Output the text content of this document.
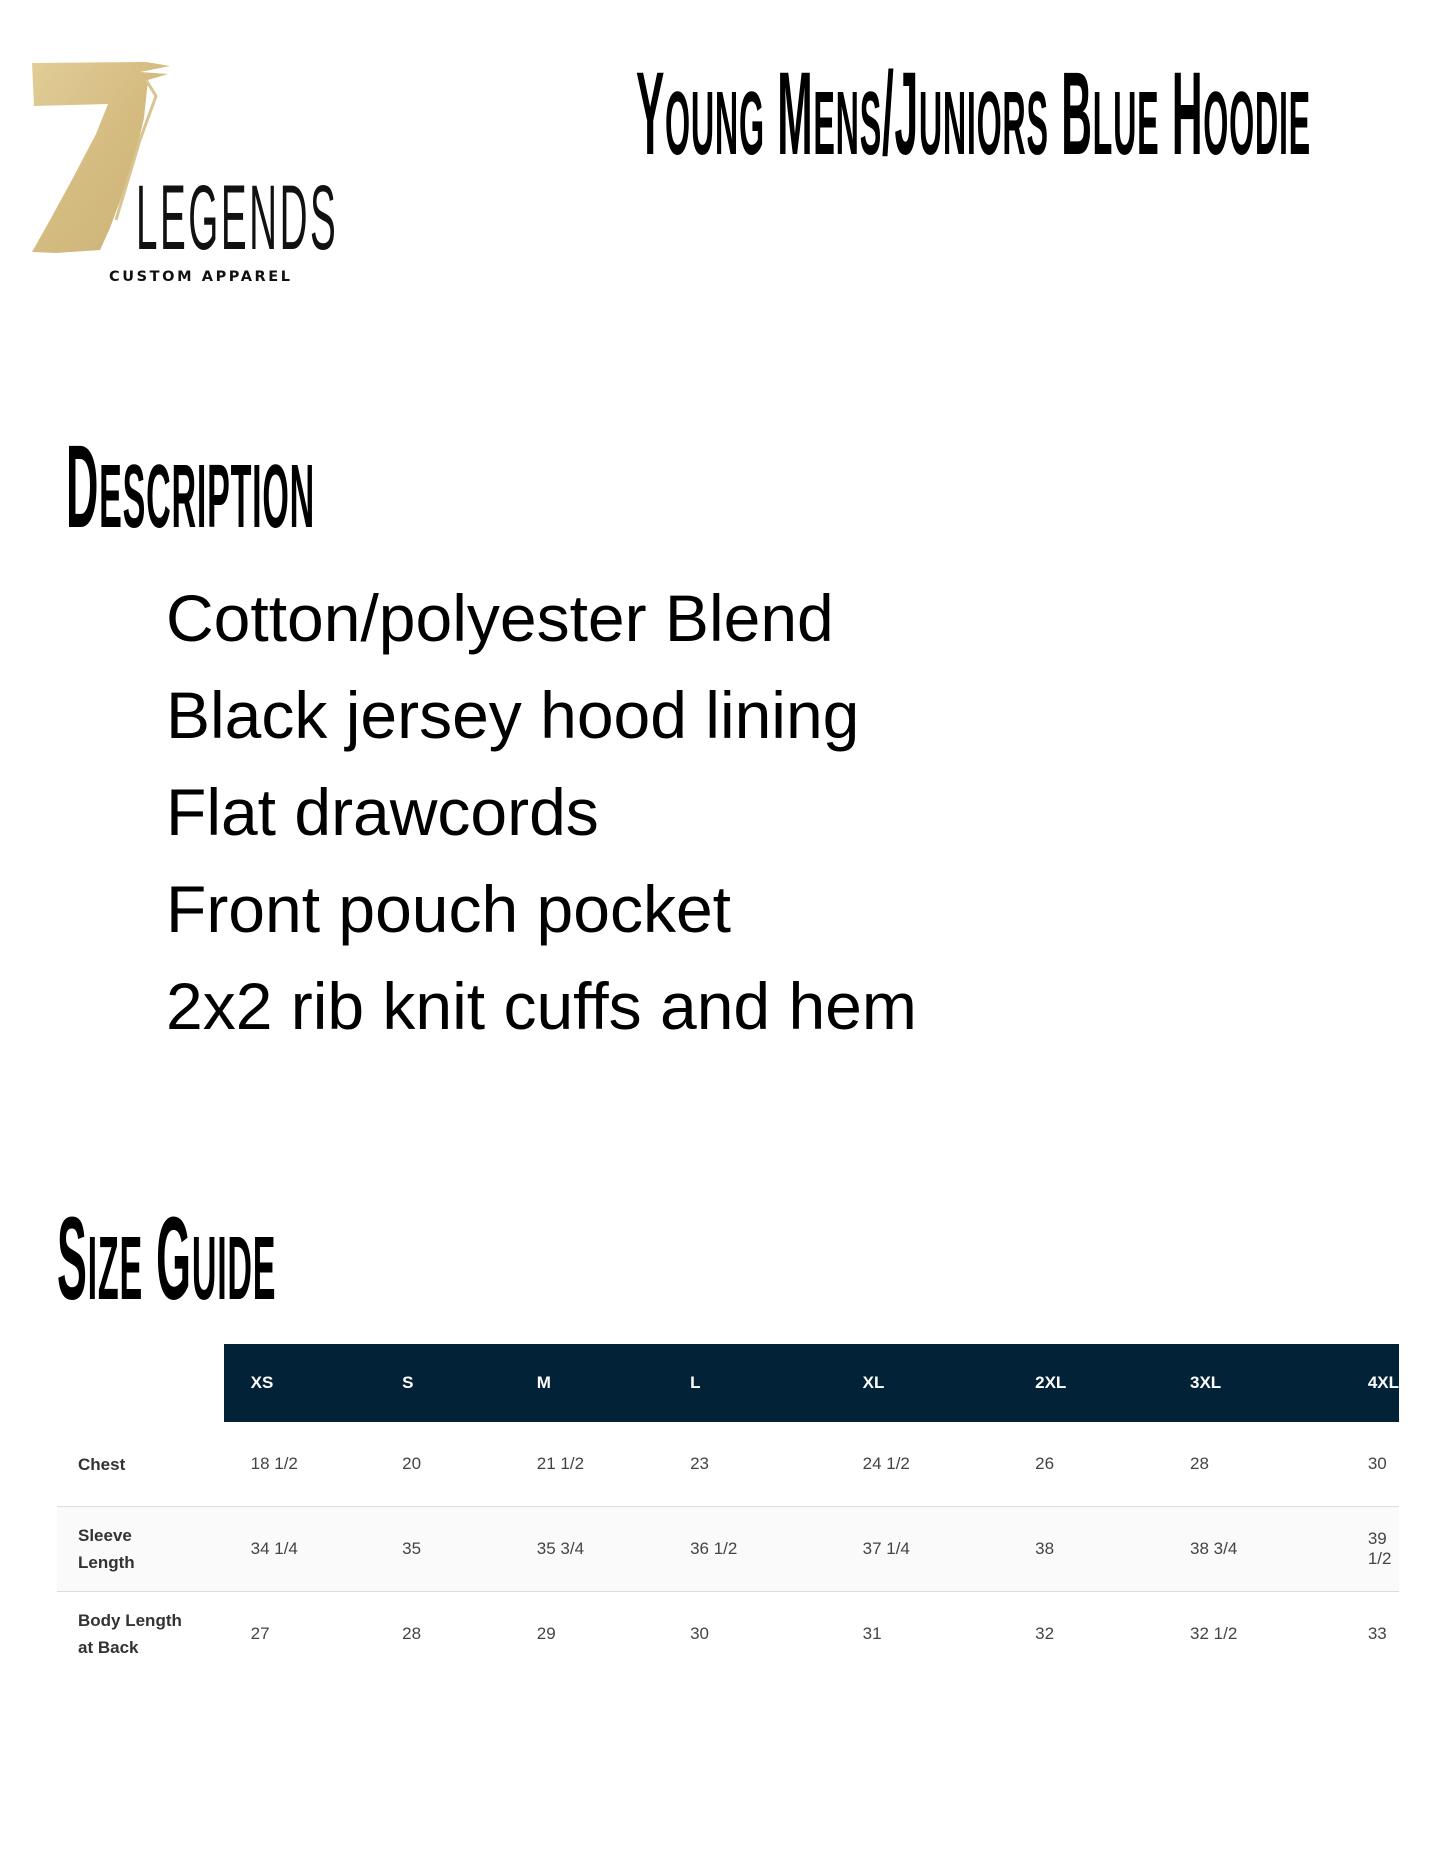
LEGENDS
CUSTOM APPAREL
YOUNG MENS/JUNIORS BLUE HOODIE
DESCRIPTION
Cotton/polyester Blend
Black jersey hood lining
Flat drawcords
Front pouch pocket
2x2 rib knit cuffs and hem
SIZE GUIDE
	XS	S	M	L	XL	2XL	3XL	4XL
Chest	18 1/2	20	21 1/2	23	24 1/2	26	28	30
Sleeve
Length	34 1/4	35	35 3/4	36 1/2	37 1/4	38	38 3/4	39 1/2
Body Length
at Back	27	28	29	30	31	32	32 1/2	33
